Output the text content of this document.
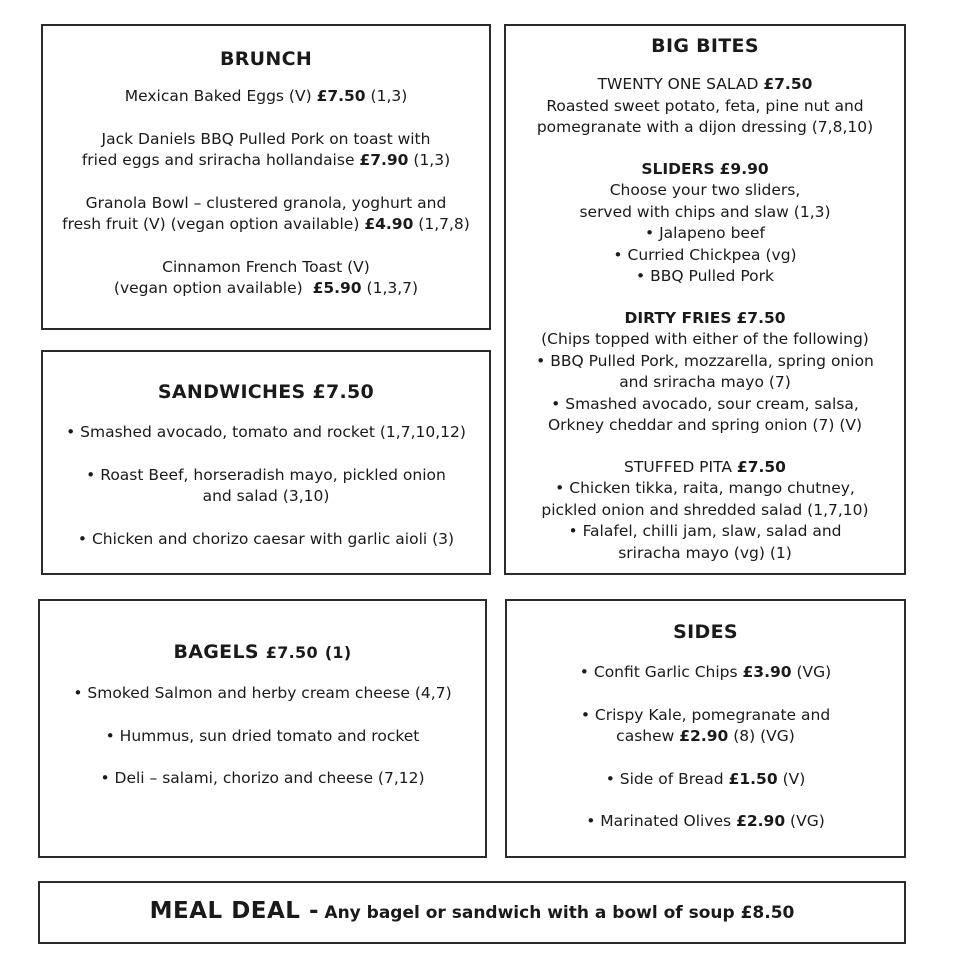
BRUNCH

Mexican Baked Eggs (V) £7.50 (1,3)

Jack Daniels BBQ Pulled Pork on toast with
fried eggs and sriracha hollandaise £7.90 (1,3)

Granola Bowl – clustered granola, yoghurt and
fresh fruit (V) (vegan option available) £4.90 (1,7,8)

Cinnamon French Toast (V)
(vegan option available) £5.90 (1,3,7)

BIG BITES

TWENTY ONE SALAD £7.50

Roasted sweet potato, feta, pine nut and

pomegranate with a dijon dressing (7,8,10)

SLIDERS £9.90

Choose your two sliders,

served with chips and slaw (1,3)

• Jalapeno beef

• Curried Chickpea (vg)

• BBQ Pulled Pork

DIRTY FRIES £7.50

(Chips topped with either of the following)

• BBQ Pulled Pork, mozzarella, spring onion

and sriracha mayo (7)

• Smashed avocado, sour cream, salsa,

Orkney cheddar and spring onion (7) (V)

STUFFED PITA £7.50

• Chicken tikka, raita, mango chutney,

pickled onion and shredded salad (1,7,10)

• Falafel, chilli jam, slaw, salad and

sriracha mayo (vg) (1)

SANDWICHES £7.50

• Smashed avocado, tomato and rocket (1,7,10,12)

• Roast Beef, horseradish mayo, pickled onion
and salad (3,10)

• Chicken and chorizo caesar with garlic aioli (3)

BAGELS £7.50 (1)

• Smoked Salmon and herby cream cheese (4,7)

• Hummus, sun dried tomato and rocket

• Deli – salami, chorizo and cheese (7,12)

SIDES

• Confit Garlic Chips £3.90 (VG)

• Crispy Kale, pomegranate and
cashew £2.90 (8) (VG)

• Side of Bread £1.50 (V)

• Marinated Olives £2.90 (VG)

MEAL DEAL - Any bagel or sandwich with a bowl of soup £8.50
